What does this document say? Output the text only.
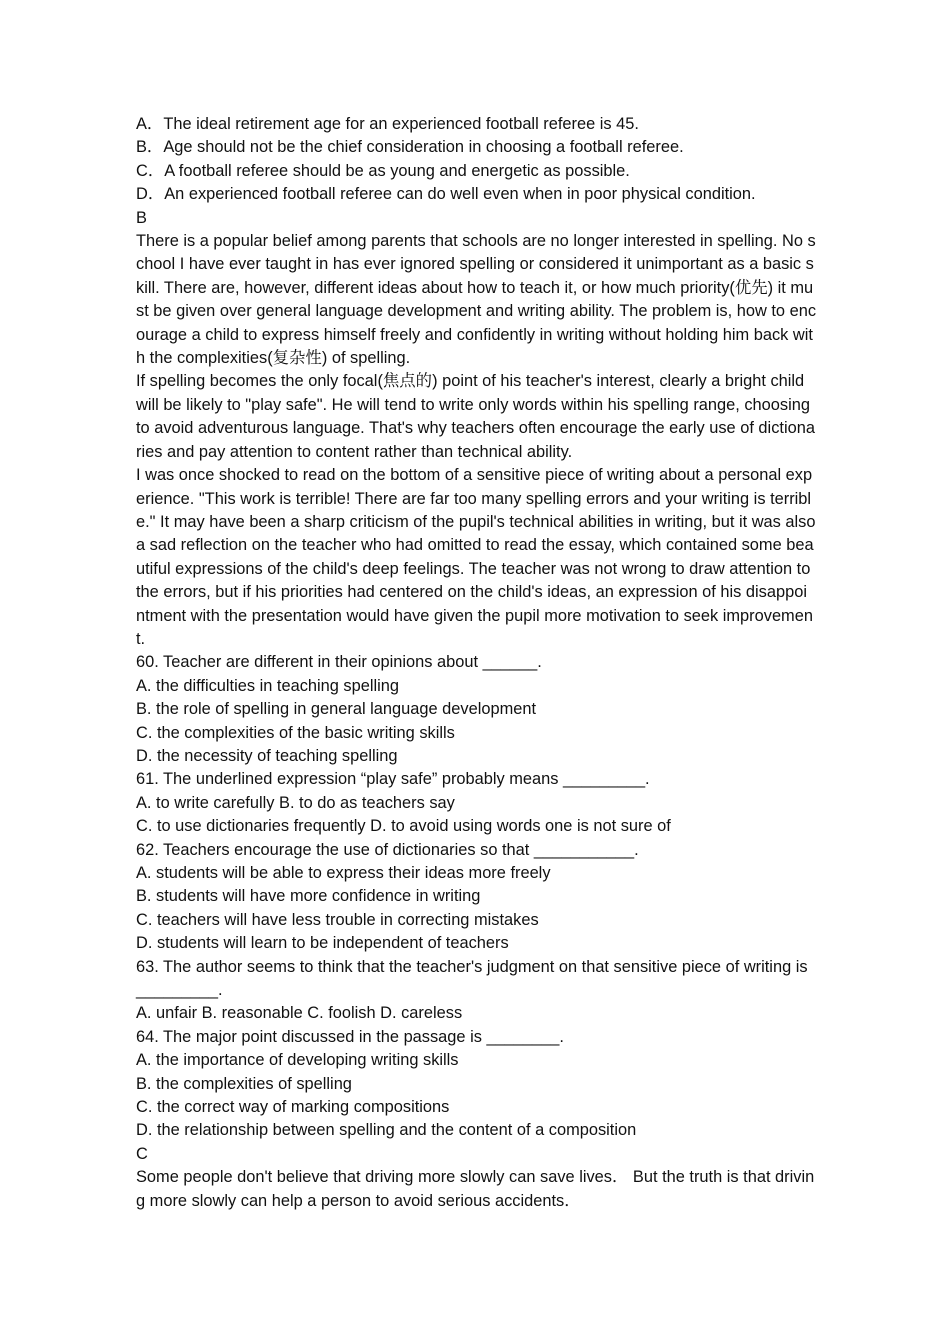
A．The ideal retirement age for an experienced football referee is 45.

B．Age should not be the chief consideration in choosing a football referee.

C．A football referee should be as young and energetic as possible.

D．An experienced football referee can do well even when in poor physical condition.

B

There is a popular belief among parents that schools are no longer interested in spelling. No school I have ever taught in has ever ignored spelling or considered it unimportant as a basic skill. There are, however, different ideas about how to teach it, or how much priority(优先) it must be given over general language development and writing ability. The problem is, how to encourage a child to express himself freely and confidently in writing without holding him back with the complexities(复杂性) of spelling.

If spelling becomes the only focal(焦点的) point of his teacher's interest, clearly a bright child will be likely to "play safe". He will tend to write only words within his spelling range, choosing to avoid adventurous language. That's why teachers often encourage the early use of dictionaries and pay attention to content rather than technical ability.

I was once shocked to read on the bottom of a sensitive piece of writing about a personal experience. "This work is terrible! There are far too many spelling errors and your writing is terrible." It may have been a sharp criticism of the pupil's technical abilities in writing, but it was also a sad reflection on the teacher who had omitted to read the essay, which contained some beautiful expressions of the child's deep feelings. The teacher was not wrong to draw attention to the errors, but if his priorities had centered on the child's ideas, an expression of his disappointment with the presentation would have given the pupil more motivation to seek improvement.

60. Teacher are different in their opinions about ______.

A. the difficulties in teaching spelling

B. the role of spelling in general language development

C. the complexities of the basic writing skills

D. the necessity of teaching spelling

61. The underlined expression “play safe” probably means _________.

A. to write carefully B. to do as teachers say

C. to use dictionaries frequently D. to avoid using words one is not sure of

62. Teachers encourage the use of dictionaries so that ___________.

A. students will be able to express their ideas more freely

B. students will have more confidence in writing

C. teachers will have less trouble in correcting mistakes

D. students will learn to be independent of teachers

63. The author seems to think that the teacher's judgment on that sensitive piece of writing is _________.

A. unfair B. reasonable C. foolish D. careless

64. The major point discussed in the passage is ________.

A. the importance of developing writing skills

B. the complexities of spelling

C. the correct way of marking compositions

D. the relationship between spelling and the content of a composition

C

Some people don't believe that driving more slowly can save lives． But the truth is that driving more slowly can help a person to avoid serious accidents．
